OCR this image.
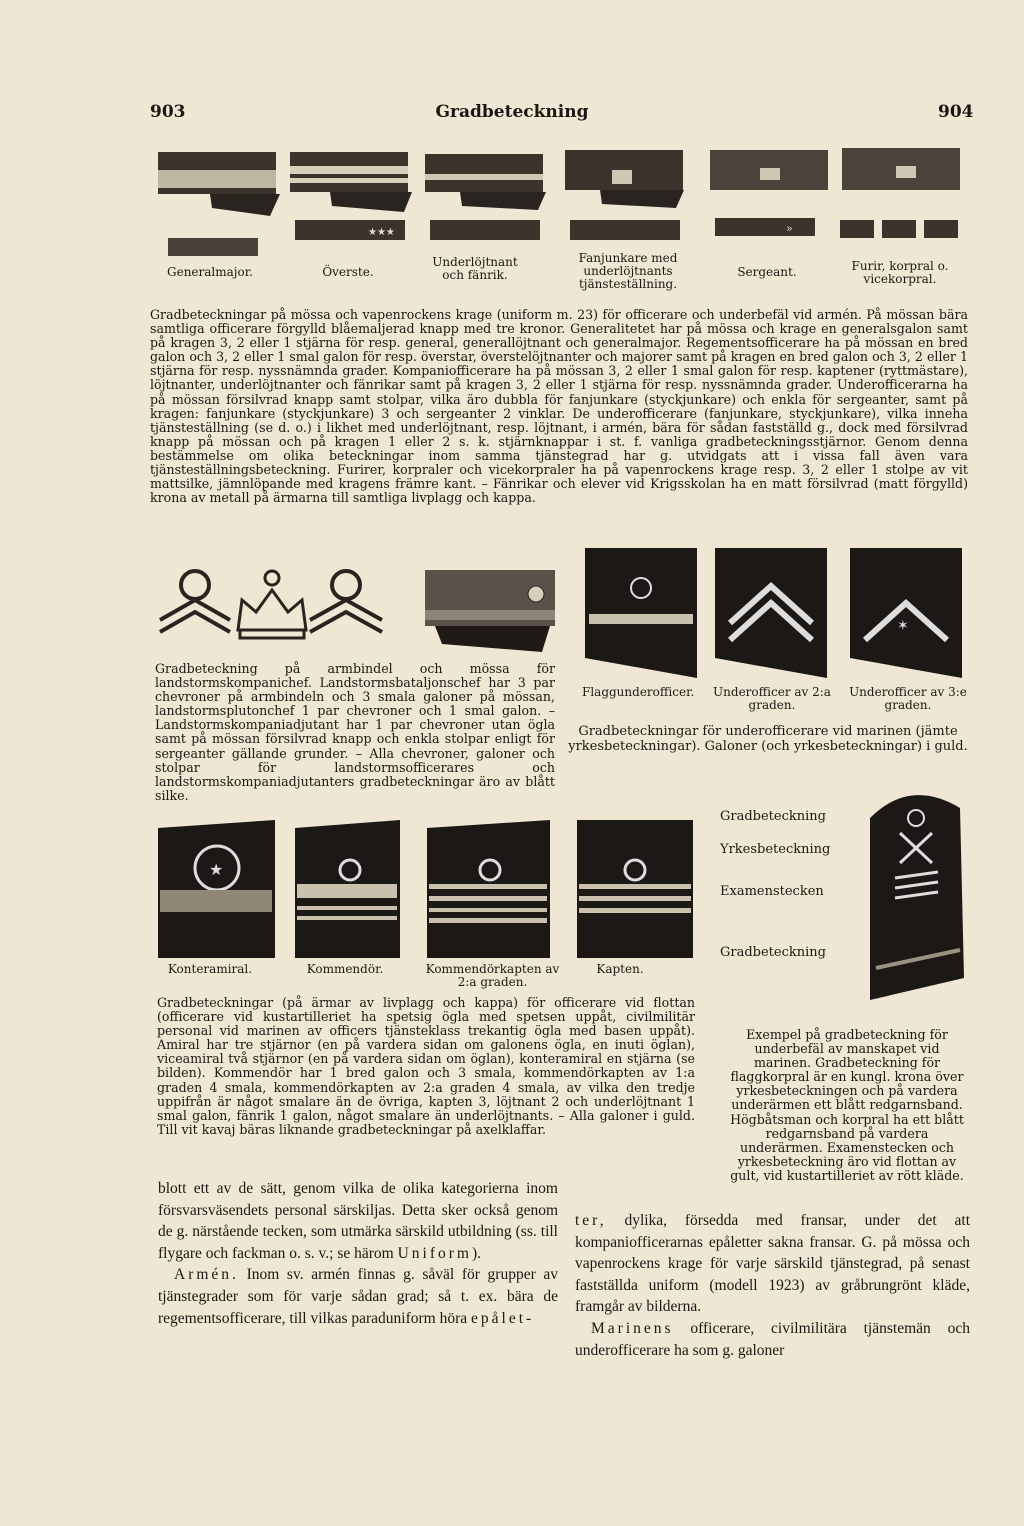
903	Gradbeteckning	904
★★★	»
Generalmajor.	Överste.
Underlöjtnant och fänrik.
Fanjunkare med underlöjtnants tjänsteställning.
Sergeant.	Furir, korpral o. vicekorpral.
Gradbeteckningar på mössa och vapenrockens krage (uniform m. 23) för officerare och underbefäl vid armén. På mössan bära samtliga officerare förgylld blåemaljerad knapp med tre kronor. Generalitetet har på mössa och krage en generalsgalon samt på kragen 3, 2 eller 1 stjärna för resp. general, generallöjtnant och generalmajor. Regementsofficerare ha på mössan en bred galon och 3, 2 eller 1 smal galon för resp. överstar, överstelöjtnanter och majorer samt på kragen en bred galon och 3, 2 eller 1 stjärna för resp. nyssnämnda grader. Kompaniofficerare ha på mössan 3, 2 eller 1 smal galon för resp. kaptener (ryttmästare), löjtnanter, underlöjtnanter och fänrikar samt på kragen 3, 2 eller 1 stjärna för resp. nyssnämnda grader. Underofficerarna ha på mössan försilvrad knapp samt stolpar, vilka äro dubbla för fanjunkare (styckjunkare) och enkla för sergeanter, samt på kragen: fanjunkare (styckjunkare) 3 och sergeanter 2 vinklar. De underofficerare (fanjunkare, styckjunkare), vilka inneha tjänsteställning (se d. o.) i likhet med underlöjtnant, resp. löjtnant, i armén, bära för sådan fastställd g., dock med försilvrad knapp på mössan och på kragen 1 eller 2 s. k. stjärnknappar i st. f. vanliga gradbeteckningsstjärnor. Genom denna bestämmelse om olika beteckningar inom samma tjänstegrad har g. utvidgats att i vissa fall även vara tjänsteställningsbeteckning. Furirer, korpraler och vicekorpraler ha på vapenrockens krage resp. 3, 2 eller 1 stolpe av vit mattsilke, jämnlöpande med kragens främre kant. – Fänrikar och elever vid Krigsskolan ha en matt försilvrad (matt förgylld) krona av metall på ärmarna till samtliga livplagg och kappa.
Gradbeteckning på armbindel och mössa för landstormskompanichef. Landstormsbataljonschef har 3 par chevroner på armbindeln och 3 smala galoner på mössan, landstormsplutonchef 1 par chevroner och 1 smal galon. – Landstormskompaniadjutant har 1 par chevroner utan ögla samt på mössan försilvrad knapp och enkla stolpar enligt för sergeanter gällande grunder. – Alla chevroner, galoner och stolpar för landstormsofficerares och landstormskompaniadjutanters gradbeteckningar äro av blått silke.
✶
Flaggunderofficer. Underofficer av 2:a graden.
Underofficer av 3:e graden.
Gradbeteckningar för underofficerare vid marinen (jämte yrkesbeteckningar). Galoner (och yrkesbeteckningar) i guld.
★
Konteramiral.	Kommendör.	Kommendörkapten av 2:a graden.
Kapten.
Gradbeteckningar (på ärmar av livplagg och kappa) för officerare vid flottan (officerare vid kustartilleriet ha spetsig ögla med spetsen uppåt, civilmilitär personal vid marinen av officers tjänsteklass trekantig ögla med basen uppåt). Amiral har tre stjärnor (en på vardera sidan om galonens ögla, en inuti öglan), viceamiral två stjärnor (en på vardera sidan om öglan), konteramiral en stjärna (se bilden). Kommendör har 1 bred galon och 3 smala, kommendörkapten av 1:a graden 4 smala, kommendörkapten av 2:a graden 4 smala, av vilka den tredje uppifrån är något smalare än de övriga, kapten 3, löjtnant 2 och underlöjtnant 1 smal galon, fänrik 1 galon, något smalare än underlöjtnants. – Alla galoner i guld. Till vit kavaj bäras liknande gradbeteckningar på axelklaffar.
Gradbeteckning
Yrkesbeteckning
Examenstecken
Gradbeteckning
Exempel på gradbeteckning för underbefäl av manskapet vid marinen. Gradbeteckning för flaggkorpral är en kungl. krona över yrkesbeteckningen och på vardera underärmen ett blått redgarnsband. Högbåtsman och korpral ha ett blått redgarnsband på vardera underärmen. Examenstecken och yrkesbeteckning äro vid flottan av gult, vid kustartilleriet av rött kläde.
blott ett av de sätt, genom vilka de olika kategorierna inom försvarsväsendets personal särskiljas. Detta sker också genom de g. närstående tecken, som utmärka särskild utbildning (ss. till flygare och fackman o. s. v.; se härom Uniform).
Armén. Inom sv. armén finnas g. såväl för grupper av tjänstegrader som för varje sådan grad; så t. ex. bära de regementsofficerare, till vilkas paraduniform höra epålet-
ter, dylika, försedda med fransar, under det att kompaniofficerarnas epåletter sakna fransar. G. på mössa och vapenrockens krage för varje särskild tjänstegrad, på senast fastställda uniform (modell 1923) av gråbrungrönt kläde, framgår av bilderna.
Marinens officerare, civilmilitära tjänstemän och underofficerare ha som g. galoner
